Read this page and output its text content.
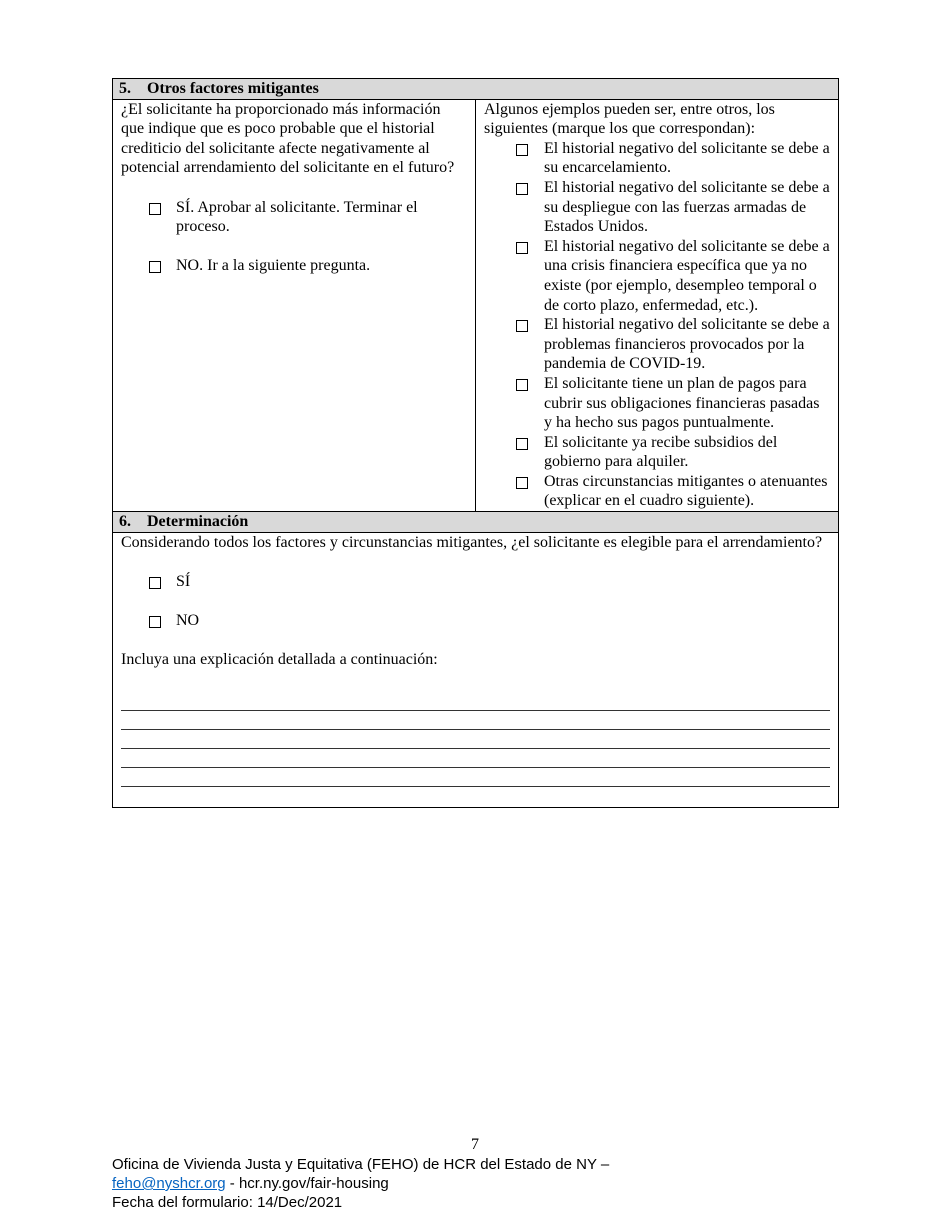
5. Otros factores mitigantes

¿El solicitante ha proporcionado más información que indique que es poco probable que el historial crediticio del solicitante afecte negativamente al potencial arrendamiento del solicitante en el futuro?
SÍ. Aprobar al solicitante. Terminar el proceso.
NO. Ir a la siguiente pregunta.

Algunos ejemplos pueden ser, entre otros, los siguientes (marque los que correspondan):
El historial negativo del solicitante se debe a su encarcelamiento.
El historial negativo del solicitante se debe a su despliegue con las fuerzas armadas de Estados Unidos.
El historial negativo del solicitante se debe a una crisis financiera específica que ya no existe (por ejemplo, desempleo temporal o de corto plazo, enfermedad, etc.).
El historial negativo del solicitante se debe a problemas financieros provocados por la pandemia de COVID-19.
El solicitante tiene un plan de pagos para cubrir sus obligaciones financieras pasadas y ha hecho sus pagos puntualmente.
El solicitante ya recibe subsidios del gobierno para alquiler.
Otras circunstancias mitigantes o atenuantes (explicar en el cuadro siguiente).

6. Determinación

Considerando todos los factores y circunstancias mitigantes, ¿el solicitante es elegible para el arrendamiento?
SÍ
NO
Incluya una explicación detallada a continuación:
7
Oficina de Vivienda Justa y Equitativa (FEHO) de HCR del Estado de NY –
feho@nyshcr.org - hcr.ny.gov/fair-housing
Fecha del formulario: 14/Dec/2021
